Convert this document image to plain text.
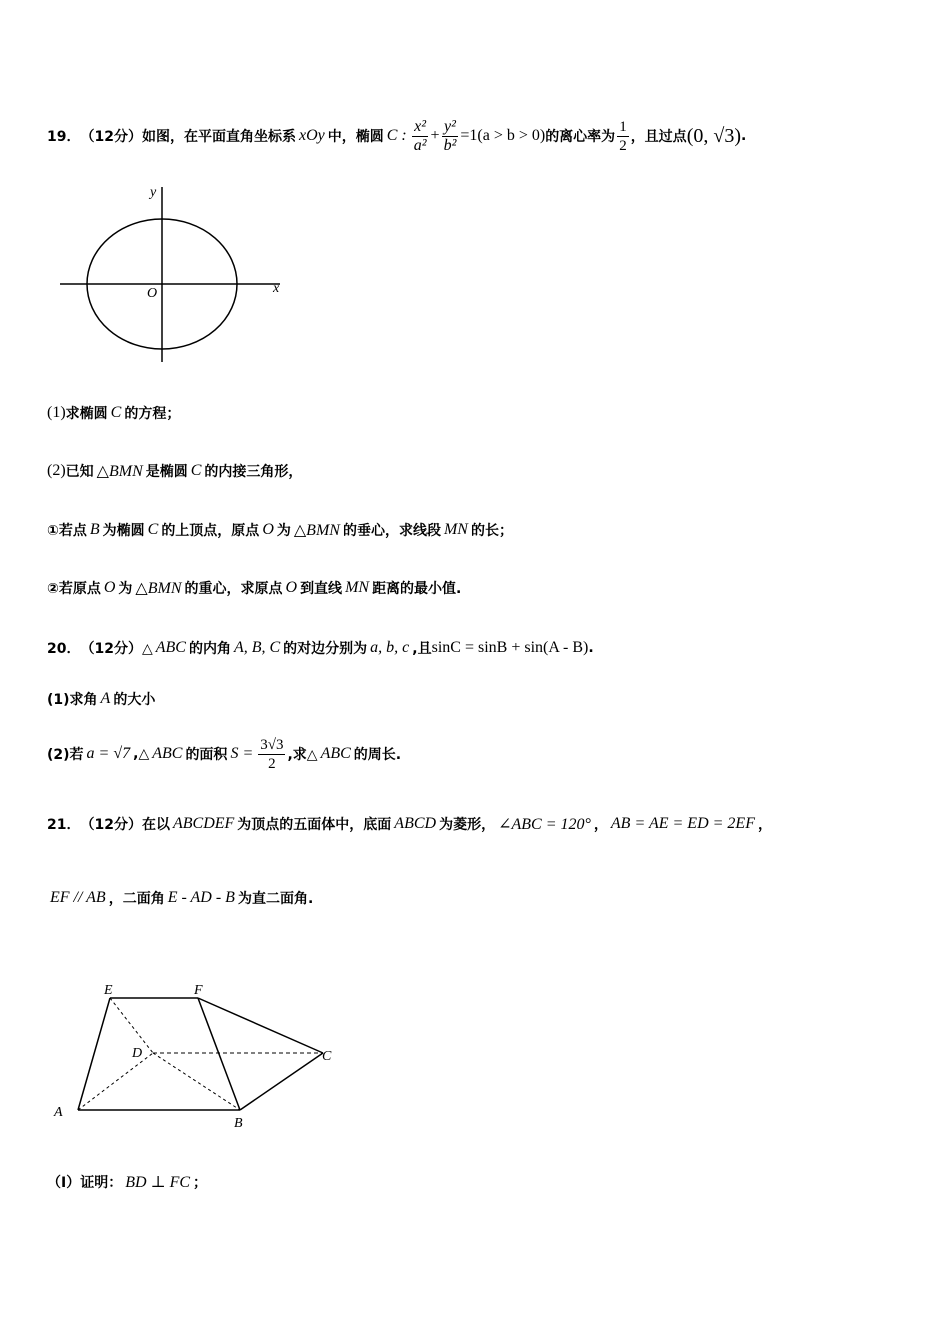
19． （12分） 如图，在平面直角坐标系 xOy 中，椭圆 C : $\frac{\text{x²}}{\text{a²}} + \frac{\text{y²}}{\text{b²}} =1(a > b > 0)$ 的离心率为 $\frac{1}{2}$ ，且过点 (0, √3) .
y
x
O
(1) 求椭圆 C 的方程；
(2) 已知 △BMN 是椭圆 C 的内接三角形，
①若点 B 为椭圆 C 的上顶点，原点 O 为 △BMN 的垂心，求线段 MN 的长；
②若原点 O 为 △BMN 的重心，求原点 O 到直线 MN 距离的最小值.
20． （12分）△ ABC 的内角 A, B, C 的对边分别为 a, b, c ,且 sinC = sinB + sin(A - B) .
(1)求角 A 的大小
(2)若 a = √7 ,△ ABC 的面积 $S = \frac{3√3}{2}$ ,求△ ABC 的周长.
21． （12分）在以 ABCDEF 为顶点的五面体中，底面 ABCD 为菱形， ∠ABC = 120° ， AB = AE = ED = 2EF ，
EF // AB ，二面角 E - AD - B 为直二面角.
E	F
D	C
A
B
（Ⅰ）证明： BD ⊥ FC ；
